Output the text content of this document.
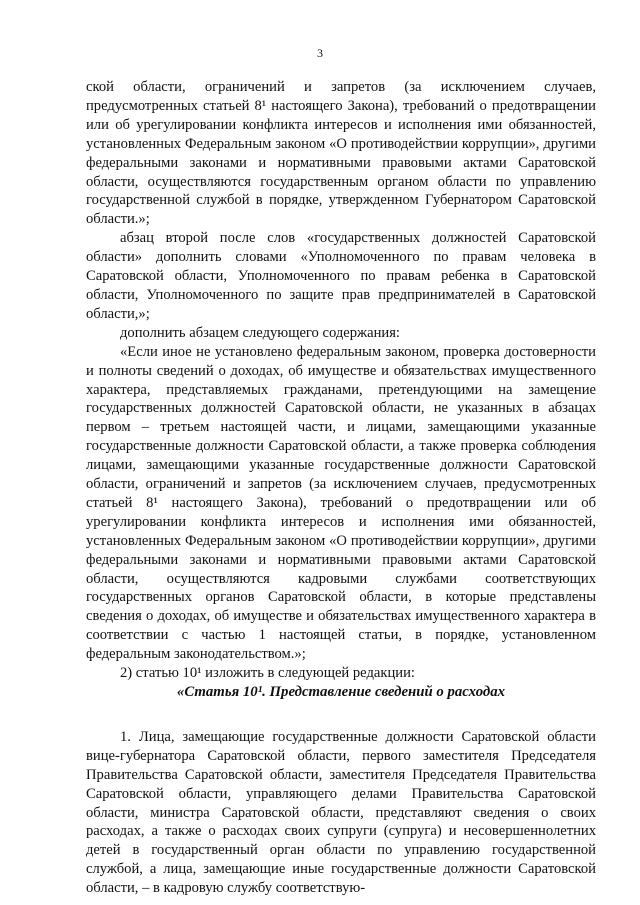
3

ской области, ограничений и запретов (за исключением случаев, предусмотренных статьей 8¹ настоящего Закона), требований о предотвращении или об урегулировании конфликта интересов и исполнения ими обязанностей, установленных Федеральным законом «О противодействии коррупции», другими федеральными законами и нормативными правовыми актами Саратовской области, осуществляются государственным органом области по управлению государственной службой в порядке, утвержденном Губернатором Саратовской области.»;

абзац второй после слов «государственных должностей Саратовской области» дополнить словами «Уполномоченного по правам человека в Саратовской области, Уполномоченного по правам ребенка в Саратовской области, Уполномоченного по защите прав предпринимателей в Саратовской области,»;

дополнить абзацем следующего содержания:

«Если иное не установлено федеральным законом, проверка достоверности и полноты сведений о доходах, об имуществе и обязательствах имущественного характера, представляемых гражданами, претендующими на замещение государственных должностей Саратовской области, не указанных в абзацах первом – третьем настоящей части, и лицами, замещающими указанные государственные должности Саратовской области, а также проверка соблюдения лицами, замещающими указанные государственные должности Саратовской области, ограничений и запретов (за исключением случаев, предусмотренных статьей 8¹ настоящего Закона), требований о предотвращении или об урегулировании конфликта интересов и исполнения ими обязанностей, установленных Федеральным законом «О противодействии коррупции», другими федеральными законами и нормативными правовыми актами Саратовской области, осуществляются кадровыми службами соответствующих государственных органов Саратовской области, в которые представлены сведения о доходах, об имуществе и обязательствах имущественного характера в соответствии с частью 1 настоящей статьи, в порядке, установленном федеральным законодательством.»;

2) статью 10¹ изложить в следующей редакции:

«Статья 10¹. Представление сведений о расходах

1. Лица, замещающие государственные должности Саратовской области вице-губернатора Саратовской области, первого заместителя Председателя Правительства Саратовской области, заместителя Председателя Правительства Саратовской области, управляющего делами Правительства Саратовской области, министра Саратовской области, представляют сведения о своих расходах, а также о расходах своих супруги (супруга) и несовершеннолетних детей в государственный орган области по управлению государственной службой, а лица, замещающие иные государственные должности Саратовской области, – в кадровую службу соответствую-
